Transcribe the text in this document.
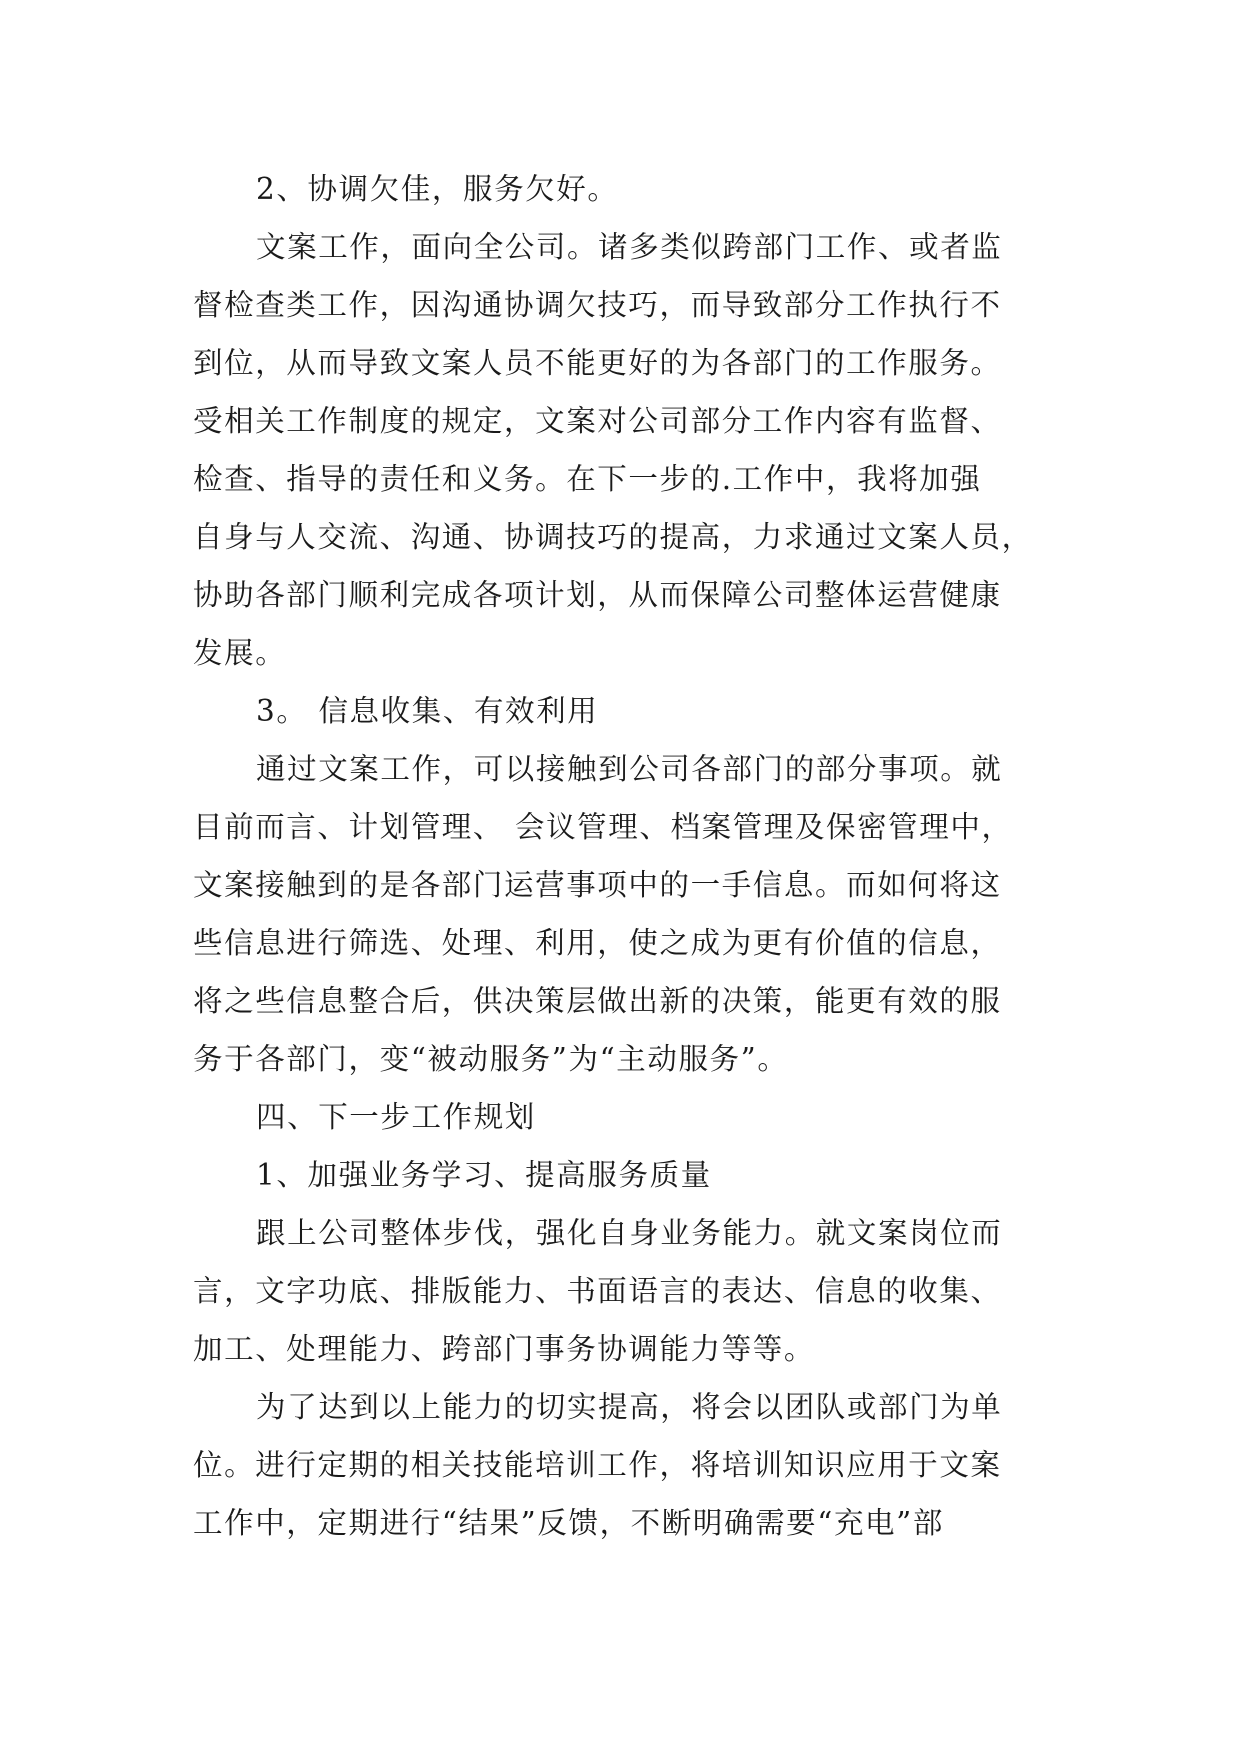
2、协调欠佳，服务欠好。
文案工作，面向全公司。诸多类似跨部门工作、或者监
督检查类工作，因沟通协调欠技巧，而导致部分工作执行不
到位，从而导致文案人员不能更好的为各部门的工作服务。
受相关工作制度的规定，文案对公司部分工作内容有监督、
检查、指导的责任和义务。在下一步的.工作中，我将加强
自身与人交流、沟通、协调技巧的提高，力求通过文案人员，
协助各部门顺利完成各项计划，从而保障公司整体运营健康
发展。
3。 信息收集、有效利用
通过文案工作，可以接触到公司各部门的部分事项。就
目前而言、计划管理、 会议管理、档案管理及保密管理中，
文案接触到的是各部门运营事项中的一手信息。而如何将这
些信息进行筛选、处理、利用，使之成为更有价值的信息，
将之些信息整合后，供决策层做出新的决策，能更有效的服
务于各部门，变“被动服务”为“主动服务”。
四、下一步工作规划
1、加强业务学习、提高服务质量
跟上公司整体步伐，强化自身业务能力。就文案岗位而
言，文字功底、排版能力、书面语言的表达、信息的收集、
加工、处理能力、跨部门事务协调能力等等。
为了达到以上能力的切实提高，将会以团队或部门为单
位。进行定期的相关技能培训工作，将培训知识应用于文案
工作中，定期进行“结果”反馈，不断明确需要“充电”部
